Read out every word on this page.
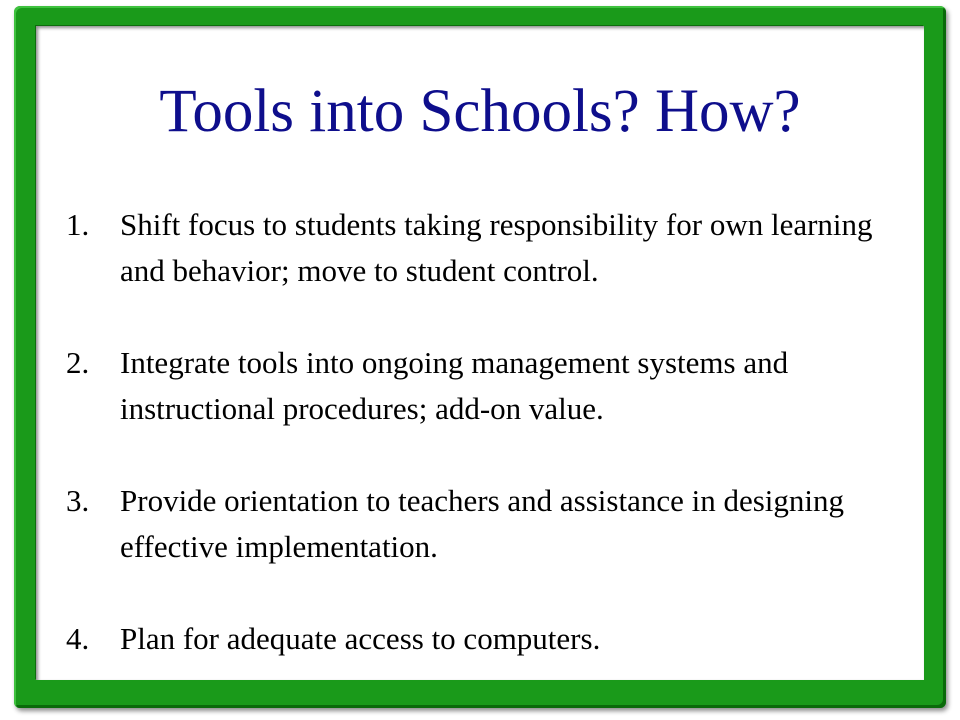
Tools into Schools? How?
1. Shift focus to students taking responsibility for own learning and behavior; move to student control.
2. Integrate tools into ongoing management systems and instructional procedures; add-on value.
3. Provide orientation to teachers and assistance in designing effective implementation.
4. Plan for adequate access to computers.
